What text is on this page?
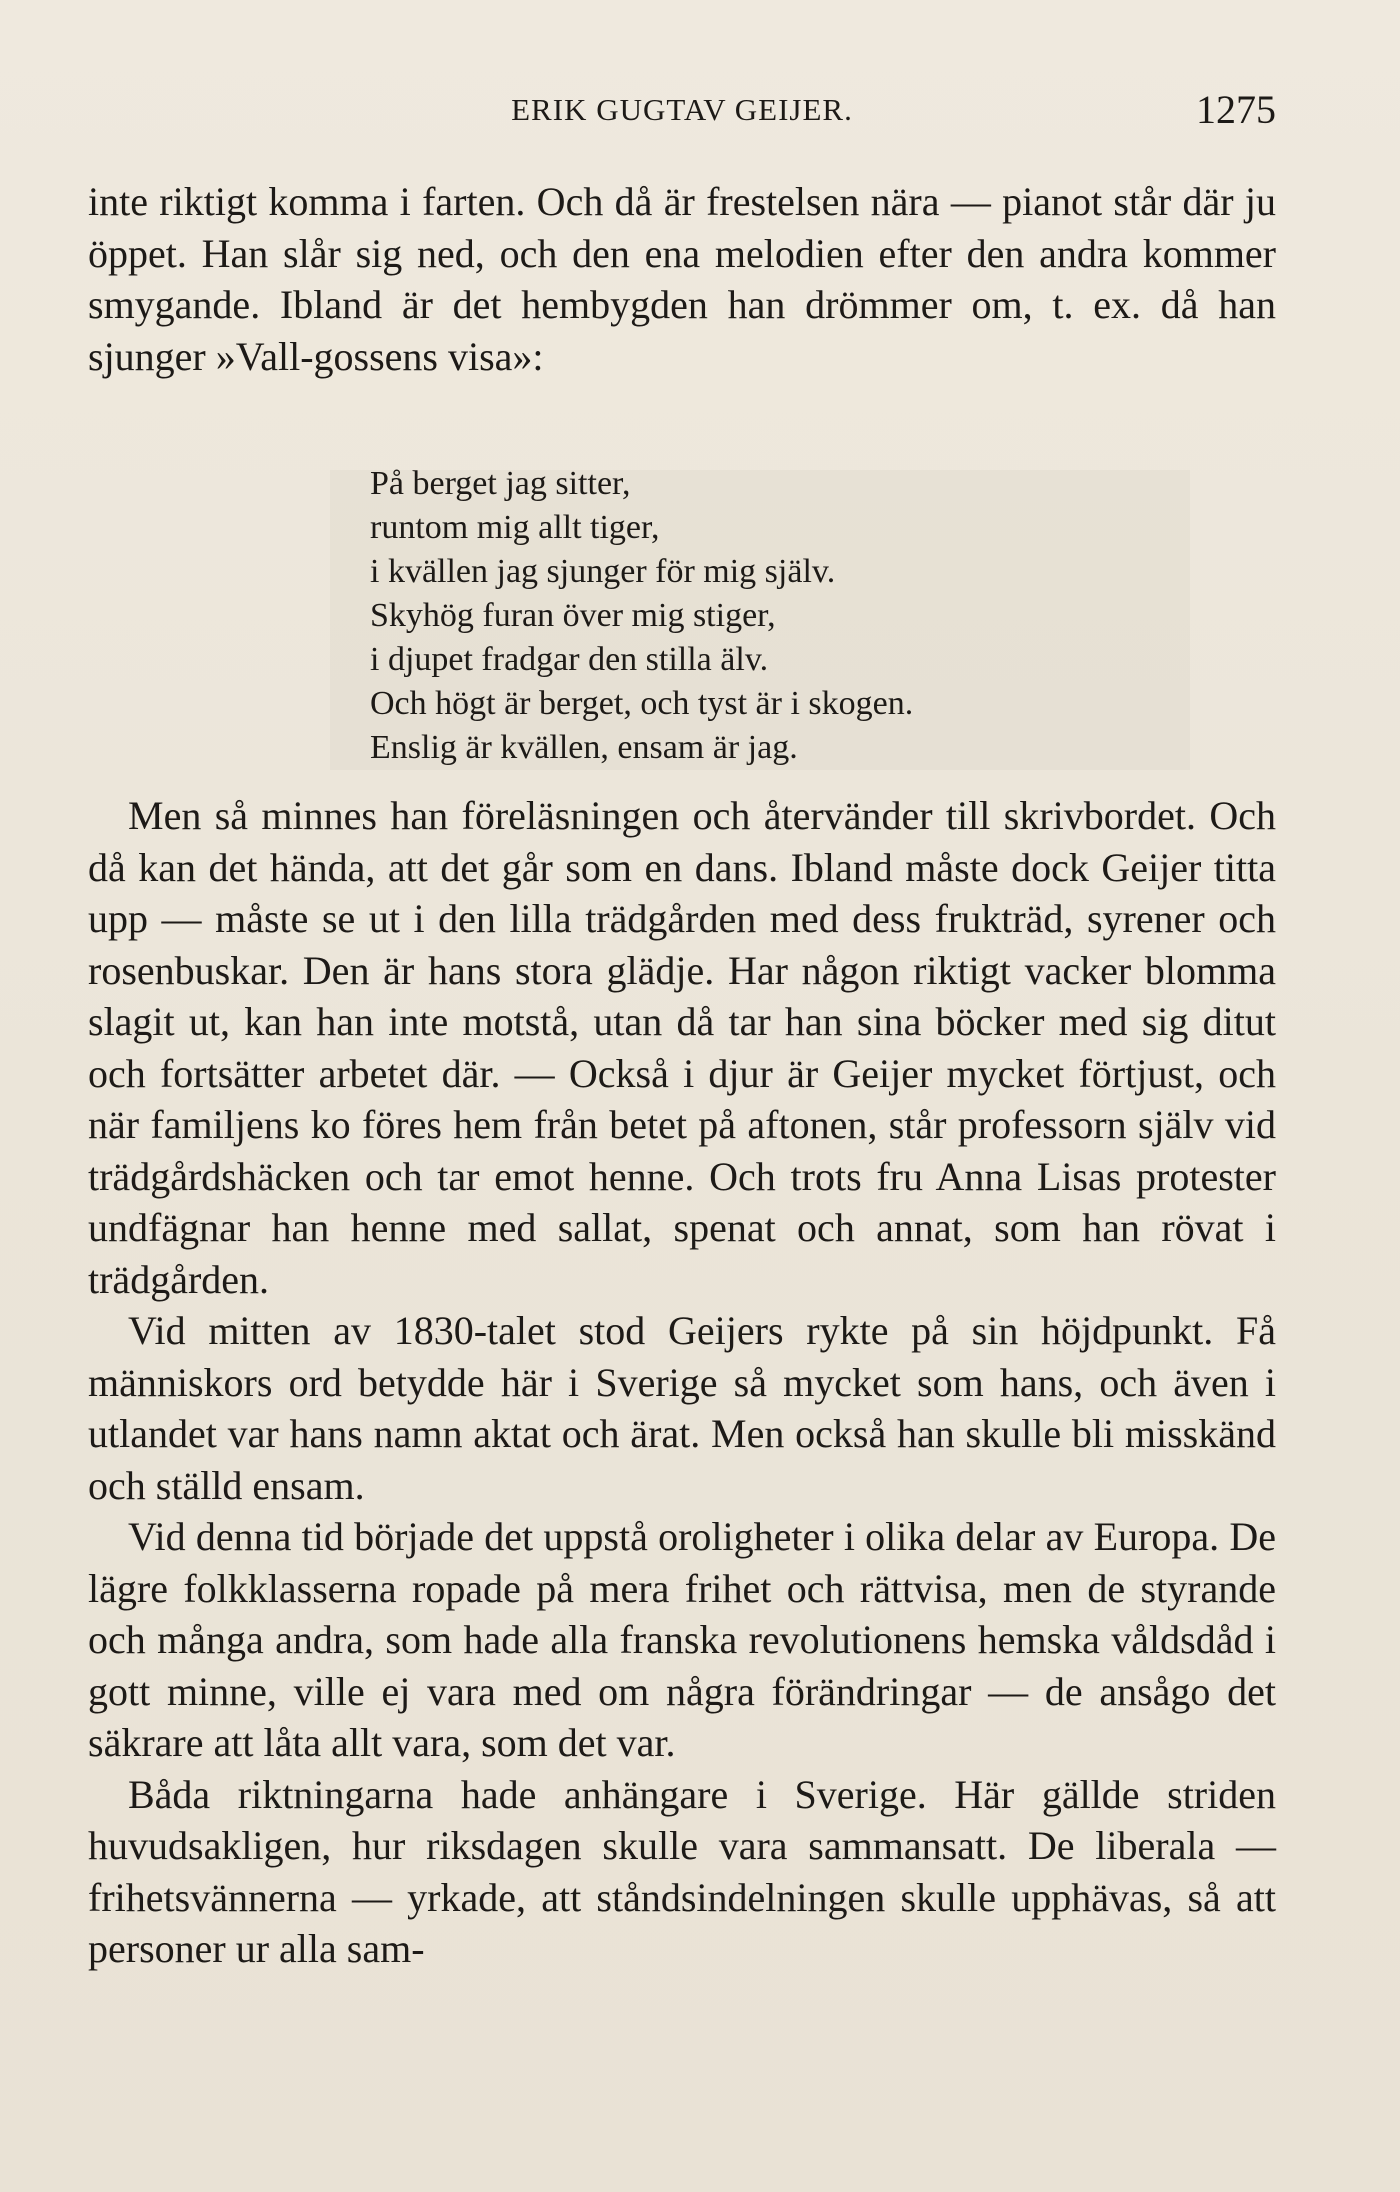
ERIK GUGTAV GEIJER.	1275

inte riktigt komma i farten. Och då är frestelsen nära — pianot står där ju öppet. Han slår sig ned, och den ena melodien efter den andra kommer smygande. Ibland är det hembygden han drömmer om, t. ex. då han sjunger »Vall-gossens visa»:

På berget jag sitter,
runtom mig allt tiger,
i kvällen jag sjunger för mig själv.
Skyhög furan över mig stiger,
i djupet fradgar den stilla älv.
Och högt är berget, och tyst är i skogen.
Enslig är kvällen, ensam är jag.

Men så minnes han föreläsningen och återvänder till skrivbordet. Och då kan det hända, att det går som en dans. Ibland måste dock Geijer titta upp — måste se ut i den lilla trädgården med dess frukträd, syrener och rosenbuskar. Den är hans stora glädje. Har någon riktigt vacker blomma slagit ut, kan han inte motstå, utan då tar han sina böcker med sig ditut och fortsätter arbetet där. — Också i djur är Geijer mycket förtjust, och när familjens ko föres hem från betet på aftonen, står professorn själv vid trädgårdshäcken och tar emot henne. Och trots fru Anna Lisas protester undfägnar han henne med sallat, spenat och annat, som han rövat i trädgården.

Vid mitten av 1830-talet stod Geijers rykte på sin höjdpunkt. Få människors ord betydde här i Sverige så mycket som hans, och även i utlandet var hans namn aktat och ärat. Men också han skulle bli misskänd och ställd ensam.

Vid denna tid började det uppstå oroligheter i olika delar av Europa. De lägre folkklasserna ropade på mera frihet och rättvisa, men de styrande och många andra, som hade alla franska revolutionens hemska våldsdåd i gott minne, ville ej vara med om några förändringar — de ansågo det säkrare att låta allt vara, som det var.

Båda riktningarna hade anhängare i Sverige. Här gällde striden huvudsakligen, hur riksdagen skulle vara sammansatt. De liberala — frihetsvännerna — yrkade, att ståndsindelningen skulle upphävas, så att personer ur alla sam-
